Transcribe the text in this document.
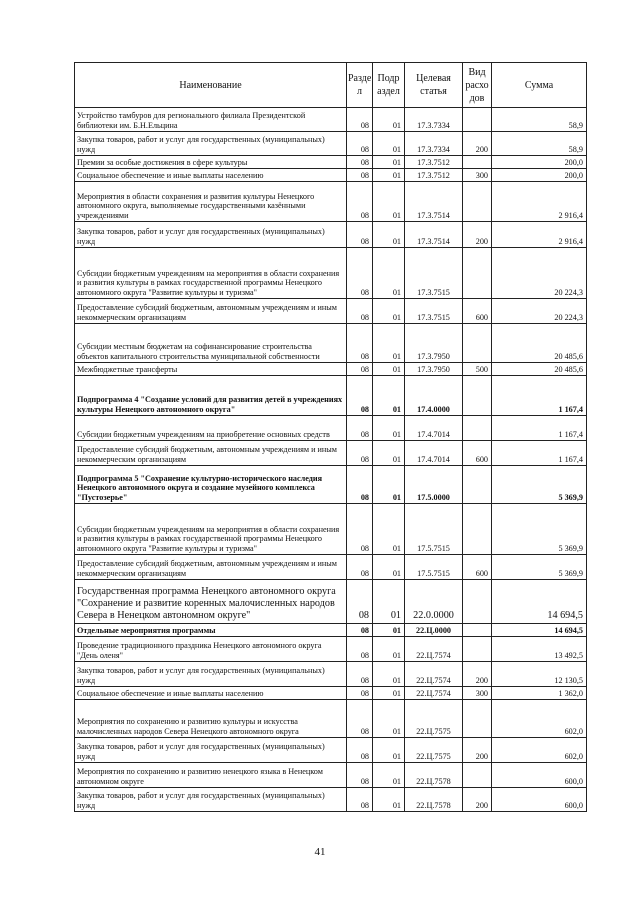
Наименование	Разде л	Подр аздел	Целевая статья	Вид расхо дов	Сумма
Устройство тамбуров для регионального филиала Президентской библиотеки им. Б.Н.Ельцина	08	01	17.3.7334		58,9
Закупка товаров, работ и услуг для государственных (муниципальных) нужд	08	01	17.3.7334	200	58,9
Премии за особые достижения в сфере культуры	08	01	17.3.7512		200,0
Социальное обеспечение и иные выплаты населению	08	01	17.3.7512	300	200,0
Мероприятия в области сохранения и развития культуры Ненецкого автономного округа, выполняемые государственными казёнными учреждениями	08	01	17.3.7514		2 916,4
Закупка товаров, работ и услуг для государственных (муниципальных) нужд	08	01	17.3.7514	200	2 916,4
Субсидии бюджетным учреждениям на мероприятия в области сохранения и развития культуры в рамках государственной программы Ненецкого автономного округа "Развитие культуры и туризма"	08	01	17.3.7515		20 224,3
Предоставление субсидий бюджетным, автономным учреждениям и иным некоммерческим организациям	08	01	17.3.7515	600	20 224,3
Субсидии местным бюджетам на софинансирование строительства объектов капитального строительства муниципальной собственности	08	01	17.3.7950		20 485,6
Межбюджетные трансферты	08	01	17.3.7950	500	20 485,6
Подпрограмма 4 "Создание условий для развития детей в учреждениях культуры Ненецкого автономного округа"	08	01	17.4.0000		1 167,4
Субсидии бюджетным учреждениям на приобретение основных средств	08	01	17.4.7014		1 167,4
Предоставление субсидий бюджетным, автономным учреждениям и иным некоммерческим организациям	08	01	17.4.7014	600	1 167,4
Подпрограмма 5 "Сохранение культурно-исторического наследия Ненецкого автономного округа и создание музейного комплекса "Пустозерье"	08	01	17.5.0000		5 369,9
Субсидии бюджетным учреждениям на мероприятия в области сохранения и развития культуры в рамках государственной программы Ненецкого автономного округа "Развитие культуры и туризма"	08	01	17.5.7515		5 369,9
Предоставление субсидий бюджетным, автономным учреждениям и иным некоммерческим организациям	08	01	17.5.7515	600	5 369,9
Государственная программа Ненецкого автономного округа "Сохранение и развитие коренных малочисленных народов Севера в Ненецком автономном округе"	08	01	22.0.0000		14 694,5
Отдельные мероприятия программы	08	01	22.Ц.0000		14 694,5
Проведение традиционного праздника Ненецкого автономного округа "День оленя"	08	01	22.Ц.7574		13 492,5
Закупка товаров, работ и услуг для государственных (муниципальных) нужд	08	01	22.Ц.7574	200	12 130,5
Социальное обеспечение и иные выплаты населению	08	01	22.Ц.7574	300	1 362,0
Мероприятия по сохранению и развитию культуры и искусства малочисленных народов Севера Ненецкого автономного округа	08	01	22.Ц.7575		602,0
Закупка товаров, работ и услуг для государственных (муниципальных) нужд	08	01	22.Ц.7575	200	602,0
Мероприятия по сохранению и развитию ненецкого языка в Ненецком автономном округе	08	01	22.Ц.7578		600,0
Закупка товаров, работ и услуг для государственных (муниципальных) нужд	08	01	22.Ц.7578	200	600,0
41
